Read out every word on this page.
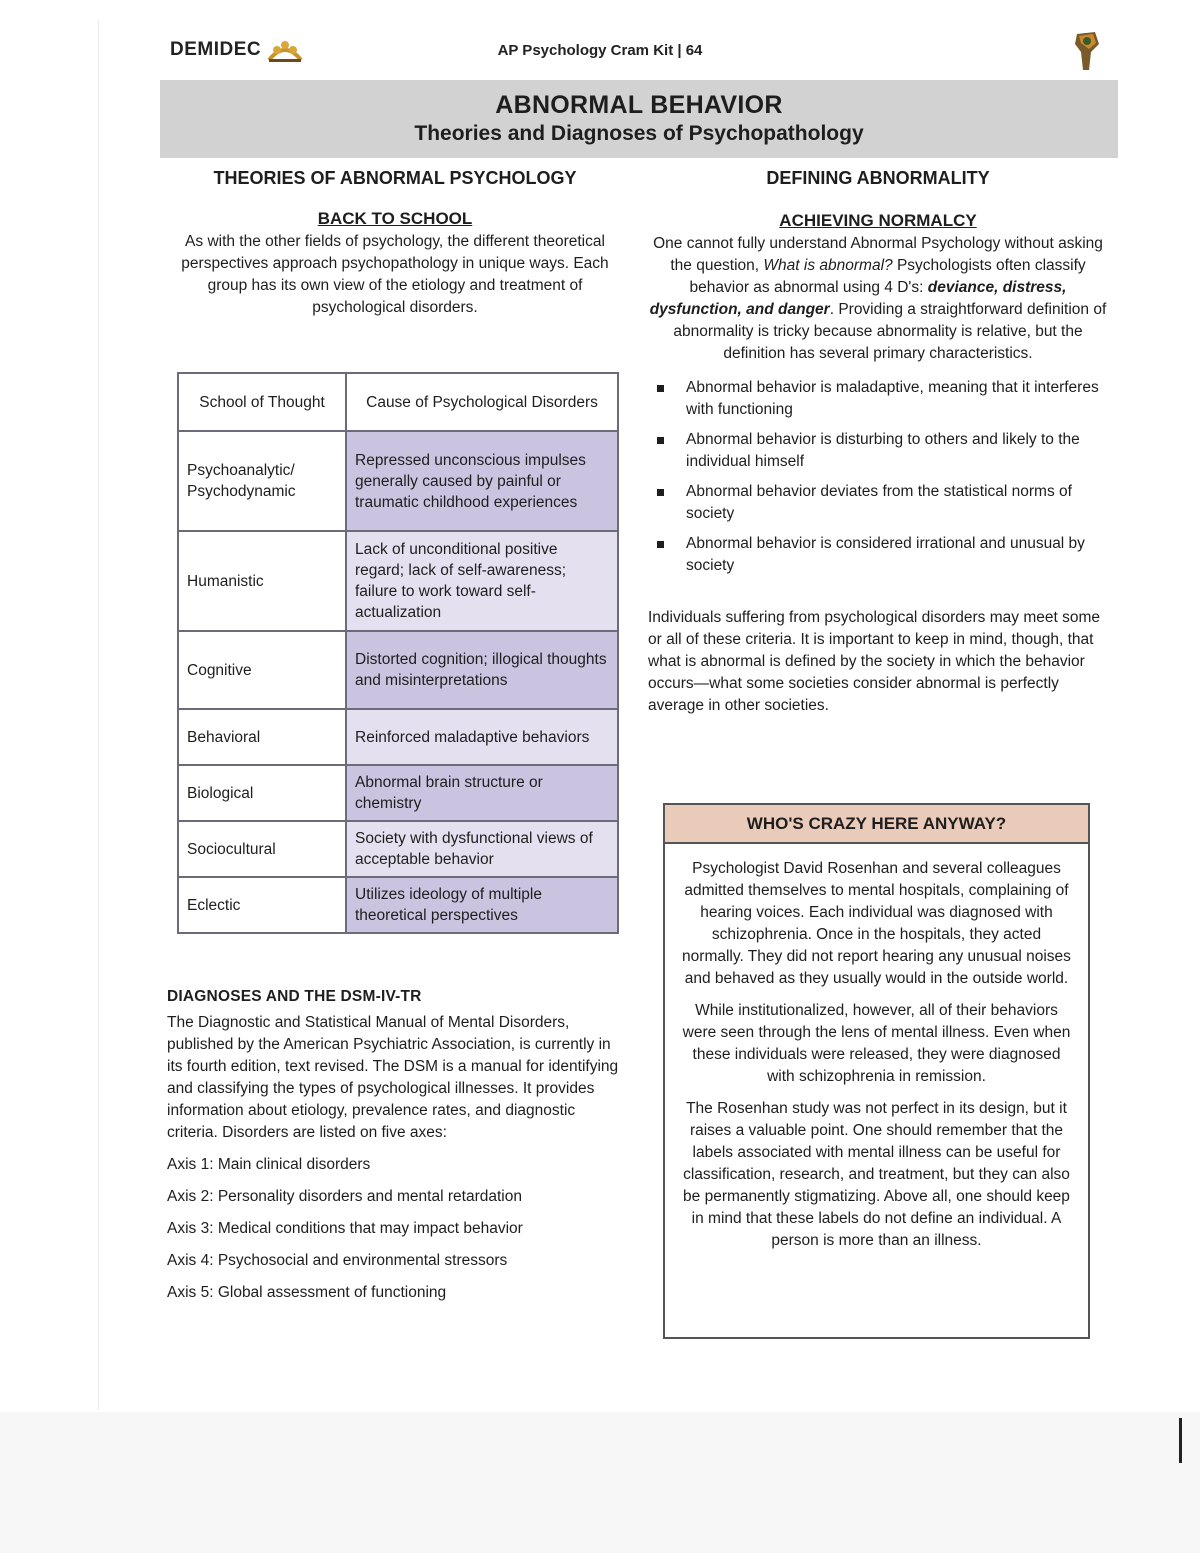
DEMIDEC	AP Psychology Cram Kit | 64
ABNORMAL BEHAVIOR
Theories and Diagnoses of Psychopathology

THEORIES OF ABNORMAL PSYCHOLOGY

BACK TO SCHOOL

As with the other fields of psychology, the different theoretical perspectives approach psychopathology in unique ways. Each group has its own view of the etiology and treatment of psychological disorders.

School of Thought	Cause of Psychological Disorders
Psychoanalytic/ Psychodynamic	Repressed unconscious impulses generally caused by painful or traumatic childhood experiences
Humanistic	Lack of unconditional positive regard; lack of self-awareness; failure to work toward self-actualization
Cognitive	Distorted cognition; illogical thoughts and misinterpretations
Behavioral	Reinforced maladaptive behaviors
Biological	Abnormal brain structure or chemistry
Sociocultural	Society with dysfunctional views of acceptable behavior
Eclectic	Utilizes ideology of multiple theoretical perspectives
DIAGNOSES AND THE DSM-IV-TR

The Diagnostic and Statistical Manual of Mental Disorders, published by the American Psychiatric Association, is currently in its fourth edition, text revised. The DSM is a manual for identifying and classifying the types of psychological illnesses. It provides information about etiology, prevalence rates, and diagnostic criteria. Disorders are listed on five axes:

Axis 1: Main clinical disorders

Axis 2: Personality disorders and mental retardation

Axis 3: Medical conditions that may impact behavior

Axis 4: Psychosocial and environmental stressors

Axis 5: Global assessment of functioning

DEFINING ABNORMALITY

ACHIEVING NORMALCY

One cannot fully understand Abnormal Psychology without asking the question, What is abnormal? Psychologists often classify behavior as abnormal using 4 D's: deviance, distress, dysfunction, and danger. Providing a straightforward definition of abnormality is tricky because abnormality is relative, but the definition has several primary characteristics.

Abnormal behavior is maladaptive, meaning that it interferes with functioning
Abnormal behavior is disturbing to others and likely to the individual himself
Abnormal behavior deviates from the statistical norms of society
Abnormal behavior is considered irrational and unusual by society

Individuals suffering from psychological disorders may meet some or all of these criteria. It is important to keep in mind, though, that what is abnormal is defined by the society in which the behavior occurs—what some societies consider abnormal is perfectly average in other societies.

WHO'S CRAZY HERE ANYWAY?

Psychologist David Rosenhan and several colleagues admitted themselves to mental hospitals, complaining of hearing voices. Each individual was diagnosed with schizophrenia. Once in the hospitals, they acted normally. They did not report hearing any unusual noises and behaved as they usually would in the outside world.

While institutionalized, however, all of their behaviors were seen through the lens of mental illness. Even when these individuals were released, they were diagnosed with schizophrenia in remission.

The Rosenhan study was not perfect in its design, but it raises a valuable point. One should remember that the labels associated with mental illness can be useful for classification, research, and treatment, but they can also be permanently stigmatizing. Above all, one should keep in mind that these labels do not define an individual. A person is more than an illness.
